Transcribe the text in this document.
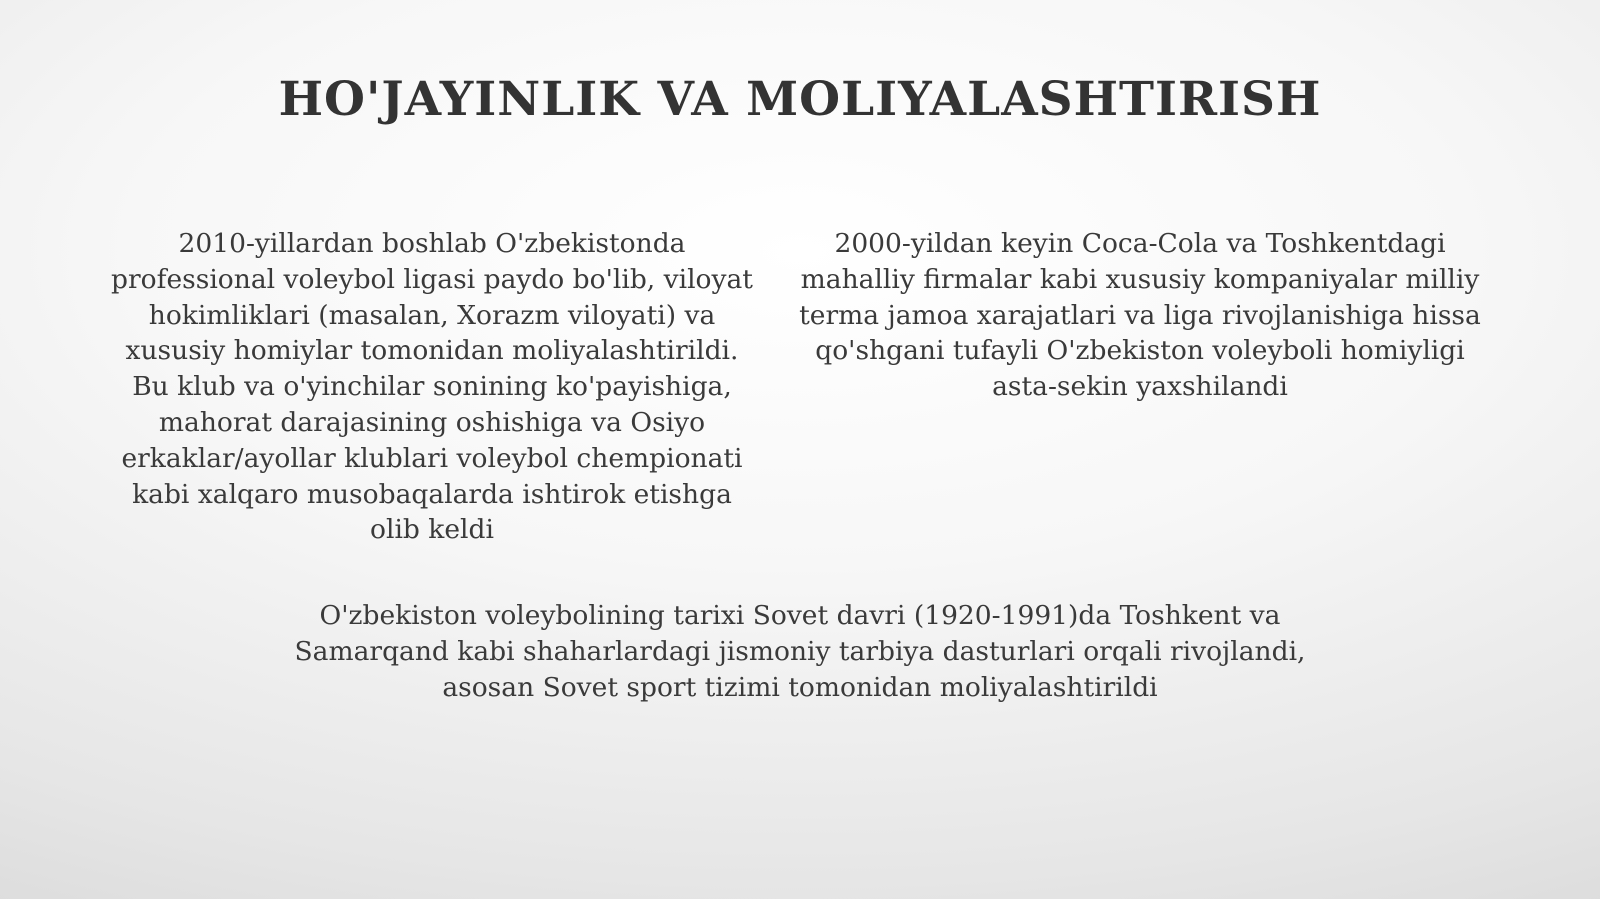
HO'JAYINLIK VA MOLIYALASHTIRISH

2010-yillardan boshlab O'zbekistonda professional voleybol ligasi paydo bo'lib, viloyat hokimliklari (masalan, Xorazm viloyati) va xususiy homiylar tomonidan moliyalashtirildi. Bu klub va o'yinchilar sonining ko'payishiga, mahorat darajasining oshishiga va Osiyo erkaklar/ayollar klublari voleybol chempionati kabi xalqaro musobaqalarda ishtirok etishga olib keldi

2000-yildan keyin Coca-Cola va Toshkentdagi mahalliy firmalar kabi xususiy kompaniyalar milliy terma jamoa xarajatlari va liga rivojlanishiga hissa qo'shgani tufayli O'zbekiston voleyboli homiyligi asta-sekin yaxshilandi

O'zbekiston voleybolining tarixi Sovet davri (1920-1991)da Toshkent va Samarqand kabi shaharlardagi jismoniy tarbiya dasturlari orqali rivojlandi, asosan Sovet sport tizimi tomonidan moliyalashtirildi
